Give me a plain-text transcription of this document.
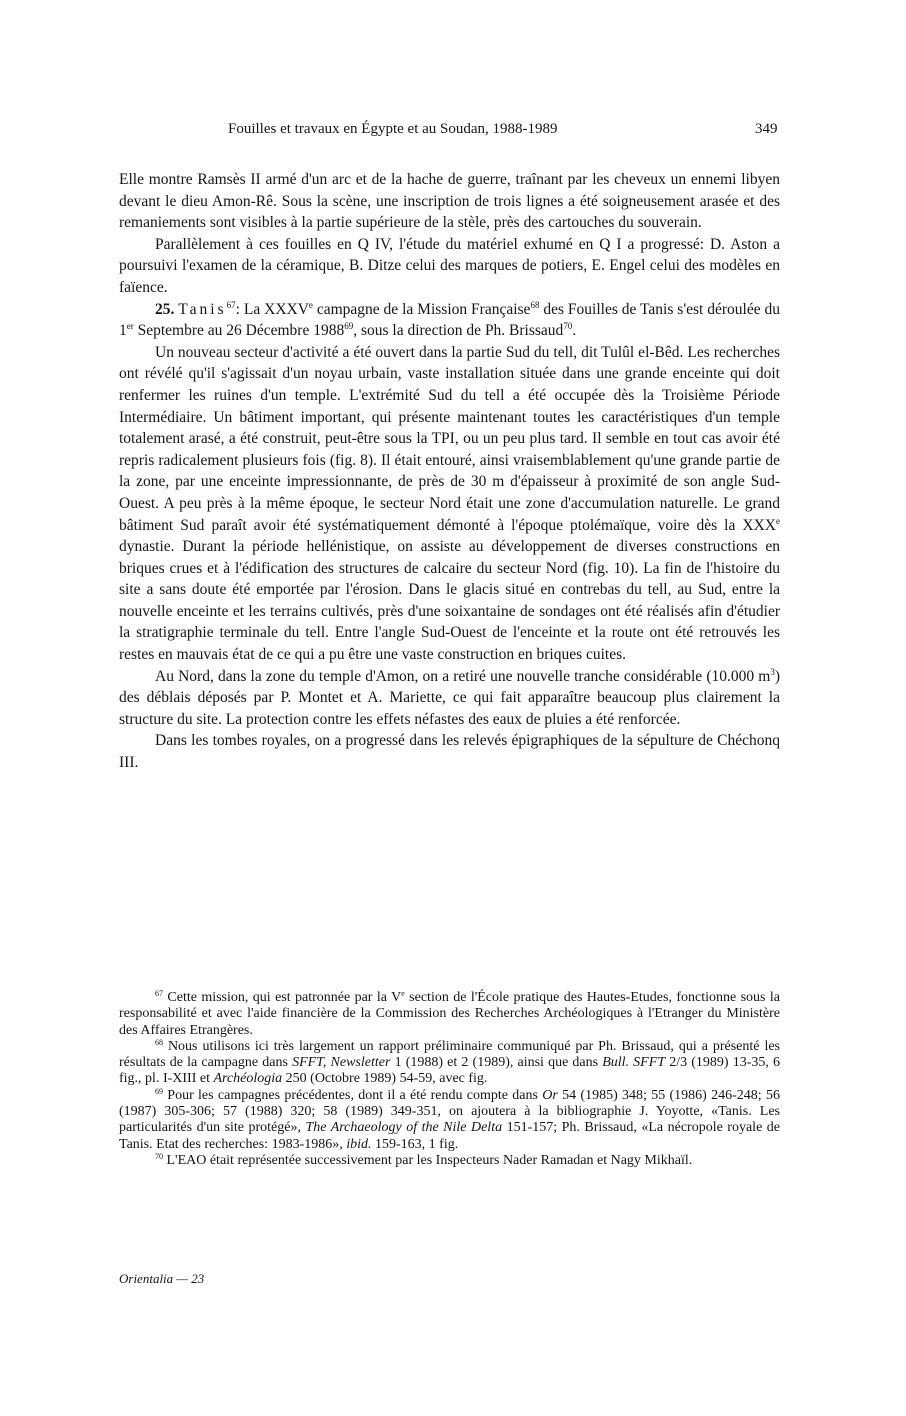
Fouilles et travaux en Égypte et au Soudan, 1988-1989	349

Elle montre Ramsès II armé d'un arc et de la hache de guerre, traînant par les cheveux un ennemi libyen devant le dieu Amon-Rê. Sous la scène, une inscription de trois lignes a été soigneusement arasée et des remaniements sont visibles à la partie supérieure de la stèle, près des cartouches du souverain.

Parallèlement à ces fouilles en Q IV, l'étude du matériel exhumé en Q I a progressé: D. Aston a poursuivi l'examen de la céramique, B. Ditze celui des marques de potiers, E. Engel celui des modèles en faïence.

25. Tanis$^{67}$: La XXXVe campagne de la Mission Française$^{68}$ des Fouilles de Tanis s'est déroulée du 1er Septembre au 26 Décembre 1988$^{69}$, sous la direction de Ph. Brissaud$^{70}$.

Un nouveau secteur d'activité a été ouvert dans la partie Sud du tell, dit Tulûl el-Bêd. Les recherches ont révélé qu'il s'agissait d'un noyau urbain, vaste installation située dans une grande enceinte qui doit renfermer les ruines d'un temple. L'extrémité Sud du tell a été occupée dès la Troisième Période Intermédiaire. Un bâtiment important, qui présente maintenant toutes les caractéristiques d'un temple totalement arasé, a été construit, peut-être sous la TPI, ou un peu plus tard. Il semble en tout cas avoir été repris radicalement plusieurs fois (fig. 8). Il était entouré, ainsi vraisemblablement qu'une grande partie de la zone, par une enceinte impressionnante, de près de 30 m d'épaisseur à proximité de son angle Sud-Ouest. A peu près à la même époque, le secteur Nord était une zone d'accumulation naturelle. Le grand bâtiment Sud paraît avoir été systématiquement démonté à l'époque ptolémaïque, voire dès la XXXe dynastie. Durant la période hellénistique, on assiste au développement de diverses constructions en briques crues et à l'édification des structures de calcaire du secteur Nord (fig. 10). La fin de l'histoire du site a sans doute été emportée par l'érosion. Dans le glacis situé en contrebas du tell, au Sud, entre la nouvelle enceinte et les terrains cultivés, près d'une soixantaine de sondages ont été réalisés afin d'étudier la stratigraphie terminale du tell. Entre l'angle Sud-Ouest de l'enceinte et la route ont été retrouvés les restes en mauvais état de ce qui a pu être une vaste construction en briques cuites.

Au Nord, dans la zone du temple d'Amon, on a retiré une nouvelle tranche considérable (10.000 $m^3$) des déblais déposés par P. Montet et A. Mariette, ce qui fait apparaître beaucoup plus clairement la structure du site. La protection contre les effets néfastes des eaux de pluies a été renforcée.

Dans les tombes royales, on a progressé dans les relevés épigraphiques de la sépulture de Chéchonq III.

$^{67}$ Cette mission, qui est patronnée par la Ve section de l'École pratique des Hautes-Etudes, fonctionne sous la responsabilité et avec l'aide financière de la Commission des Recherches Archéologiques à l'Etranger du Ministère des Affaires Etrangères.

$^{68}$ Nous utilisons ici très largement un rapport préliminaire communiqué par Ph. Brissaud, qui a présenté les résultats de la campagne dans SFFT, Newsletter 1 (1988) et 2 (1989), ainsi que dans Bull. SFFT 2/3 (1989) 13-35, 6 fig., pl. I-XIII et Archéologia 250 (Octobre 1989) 54-59, avec fig.

$^{69}$ Pour les campagnes précédentes, dont il a été rendu compte dans Or 54 (1985) 348; 55 (1986) 246-248; 56 (1987) 305-306; 57 (1988) 320; 58 (1989) 349-351, on ajoutera à la bibliographie J. Yoyotte, «Tanis. Les particularités d'un site protégé», The Archaeology of the Nile Delta 151-157; Ph. Brissaud, «La nécropole royale de Tanis. Etat des recherches: 1983-1986», ibid. 159-163, 1 fig.

$^{70}$ L'EAO était représentée successivement par les Inspecteurs Nader Ramadan et Nagy Mikhaïl.

Orientalia — 23
